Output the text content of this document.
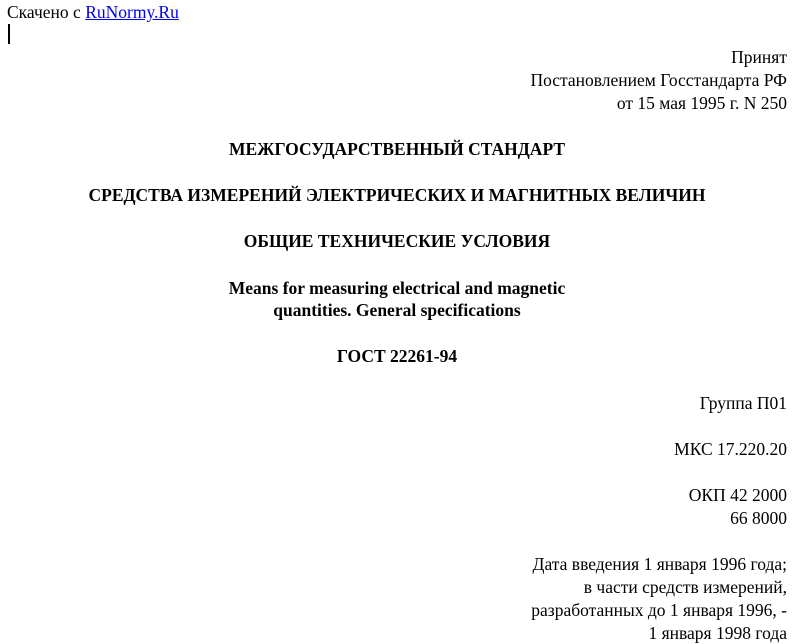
Скачено с RuNormy.Ru
Принят
Постановлением Госстандарта РФ
от 15 мая 1995 г. N 250
МЕЖГОСУДАРСТВЕННЫЙ СТАНДАРТ
СРЕДСТВА ИЗМЕРЕНИЙ ЭЛЕКТРИЧЕСКИХ И МАГНИТНЫХ ВЕЛИЧИН
ОБЩИЕ ТЕХНИЧЕСКИЕ УСЛОВИЯ
Means for measuring electrical and magnetic
quantities. General specifications
ГОСТ 22261-94
Группа П01
МКС 17.220.20
ОКП 42 2000
66 8000
Дата введения 1 января 1996 года;
в части средств измерений,
разработанных до 1 января 1996, -
1 января 1998 года
